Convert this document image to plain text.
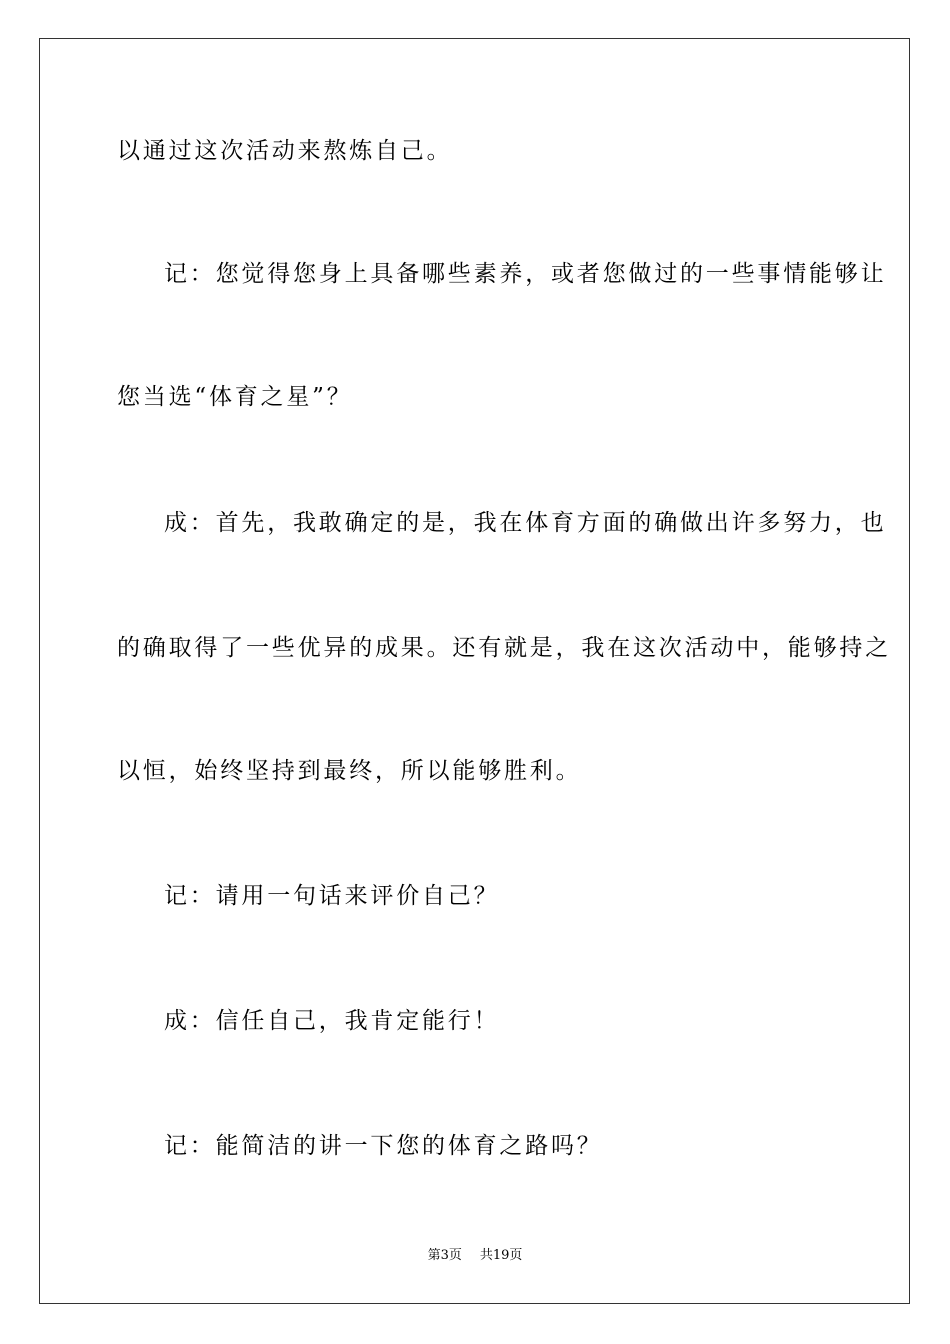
以通过这次活动来熬炼自己。
记：您觉得您身上具备哪些素养，或者您做过的一些事情能够让
您当选“体育之星”？
成：首先，我敢确定的是，我在体育方面的确做出许多努力，也
的确取得了一些优异的成果。还有就是，我在这次活动中，能够持之
以恒，始终坚持到最终，所以能够胜利。
记：请用一句话来评价自己？
成：信任自己，我肯定能行！
记：能简洁的讲一下您的体育之路吗？
第3页 共19页
